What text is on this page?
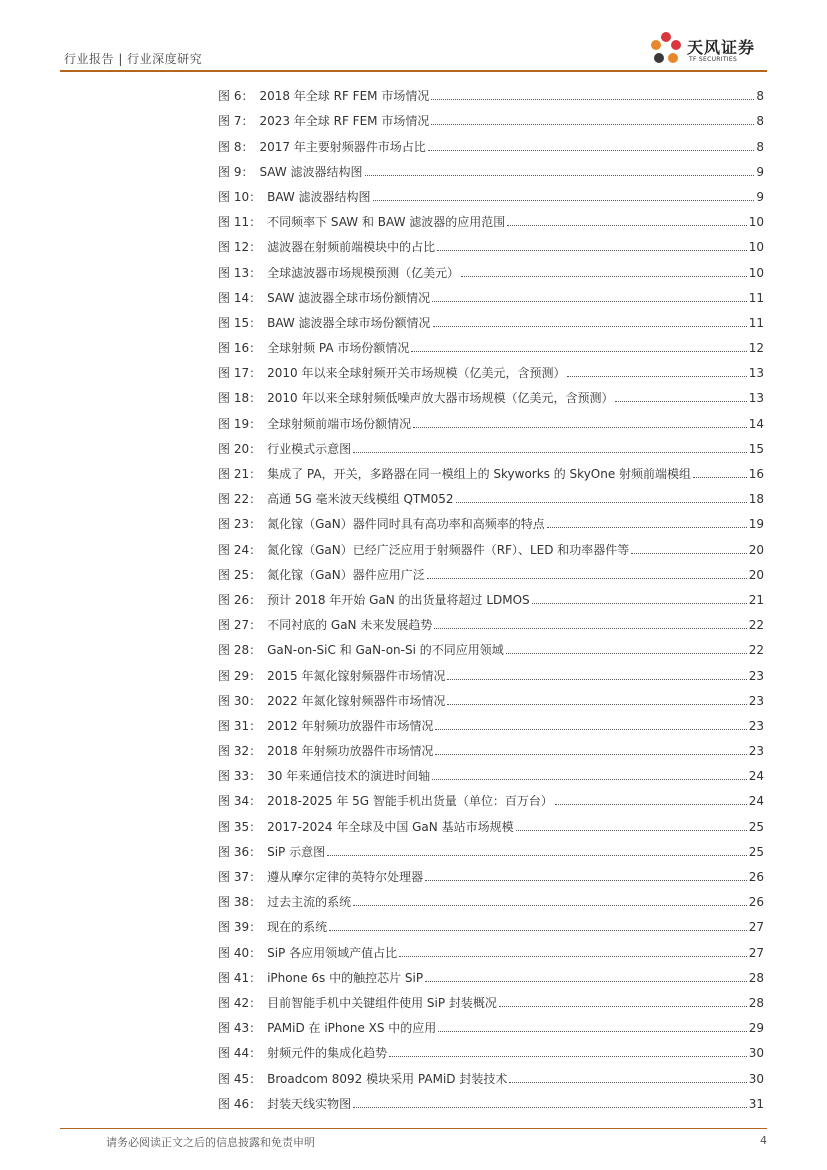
行业报告 | 行业深度研究
天风证券
TF SECURITIES
图 6： 2018 年全球 RF FEM 市场情况	8
图 7： 2023 年全球 RF FEM 市场情况	8
图 8： 2017 年主要射频器件市场占比	8
图 9： SAW 滤波器结构图	9
图 10： BAW 滤波器结构图	9
图 11： 不同频率下 SAW 和 BAW 滤波器的应用范围	10
图 12： 滤波器在射频前端模块中的占比	10
图 13： 全球滤波器市场规模预测（亿美元）	10
图 14： SAW 滤波器全球市场份额情况	11
图 15： BAW 滤波器全球市场份额情况	11
图 16： 全球射频 PA 市场份额情况	12
图 17： 2010 年以来全球射频开关市场规模（亿美元，含预测）	13
图 18： 2010 年以来全球射频低噪声放大器市场规模（亿美元，含预测）	13
图 19： 全球射频前端市场份额情况	14
图 20： 行业模式示意图	15
图 21： 集成了 PA，开关，多路器在同一模组上的 Skyworks 的 SkyOne 射频前端模组	16
图 22： 高通 5G 毫米波天线模组 QTM052	18
图 23： 氮化镓（GaN）器件同时具有高功率和高频率的特点	19
图 24： 氮化镓（GaN）已经广泛应用于射频器件（RF）、LED 和功率器件等	20
图 25： 氮化镓（GaN）器件应用广泛	20
图 26： 预计 2018 年开始 GaN 的出货量将超过 LDMOS	21
图 27： 不同衬底的 GaN 未来发展趋势	22
图 28： GaN-on-SiC 和 GaN-on-Si 的不同应用领域	22
图 29： 2015 年氮化镓射频器件市场情况	23
图 30： 2022 年氮化镓射频器件市场情况	23
图 31： 2012 年射频功放器件市场情况	23
图 32： 2018 年射频功放器件市场情况	23
图 33： 30 年来通信技术的演进时间轴	24
图 34： 2018-2025 年 5G 智能手机出货量（单位：百万台）	24
图 35： 2017-2024 年全球及中国 GaN 基站市场规模	25
图 36： SiP 示意图	25
图 37： 遵从摩尔定律的英特尔处理器	26
图 38： 过去主流的系统	26
图 39： 现在的系统	27
图 40： SiP 各应用领域产值占比	27
图 41： iPhone 6s 中的触控芯片 SiP	28
图 42： 目前智能手机中关键组件使用 SiP 封装概况	28
图 43： PAMiD 在 iPhone XS 中的应用	29
图 44： 射频元件的集成化趋势	30
图 45： Broadcom 8092 模块采用 PAMiD 封装技术	30
图 46： 封装天线实物图	31
请务必阅读正文之后的信息披露和免责申明	4
